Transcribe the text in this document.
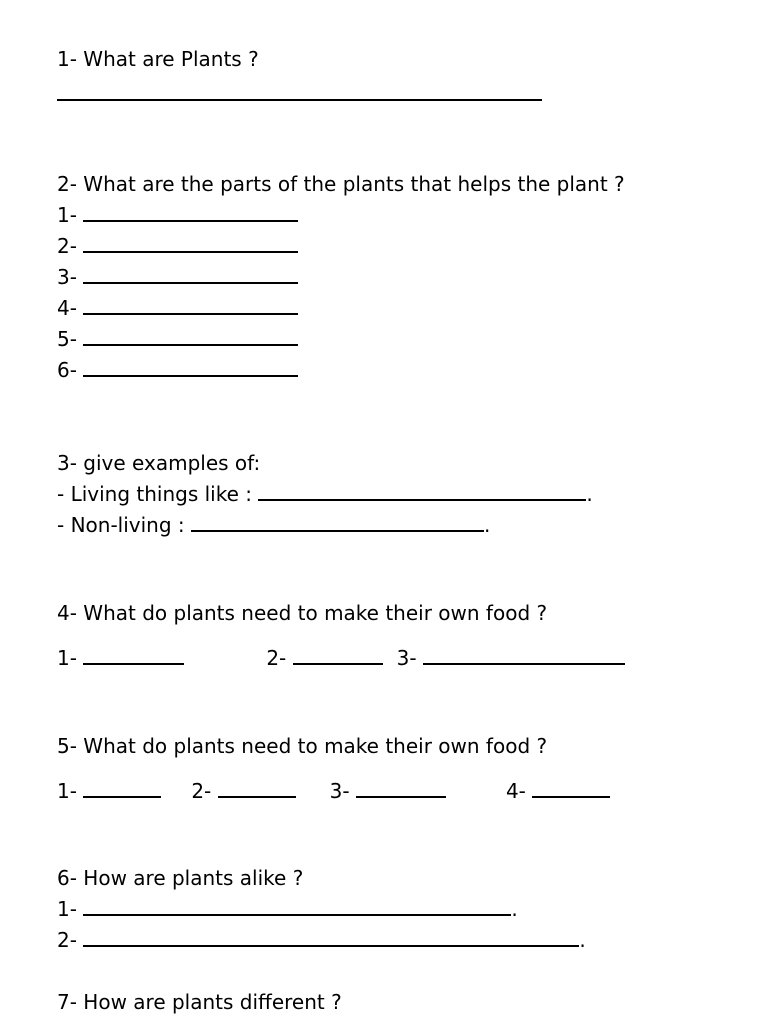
1- What are Plants ?
2- What are the parts of the plants that helps the plant ?
1-
2-
3-
4-
5-
6-
3- give examples of:
- Living things like :	.
- Non-living :	.
4- What do plants need to make their own food ?
1-	2-	3-
5- What do plants need to make their own food ?
1-	2-	3-	4-
6- How are plants alike ?
1-	.
2-	.
7- How are plants different ?
